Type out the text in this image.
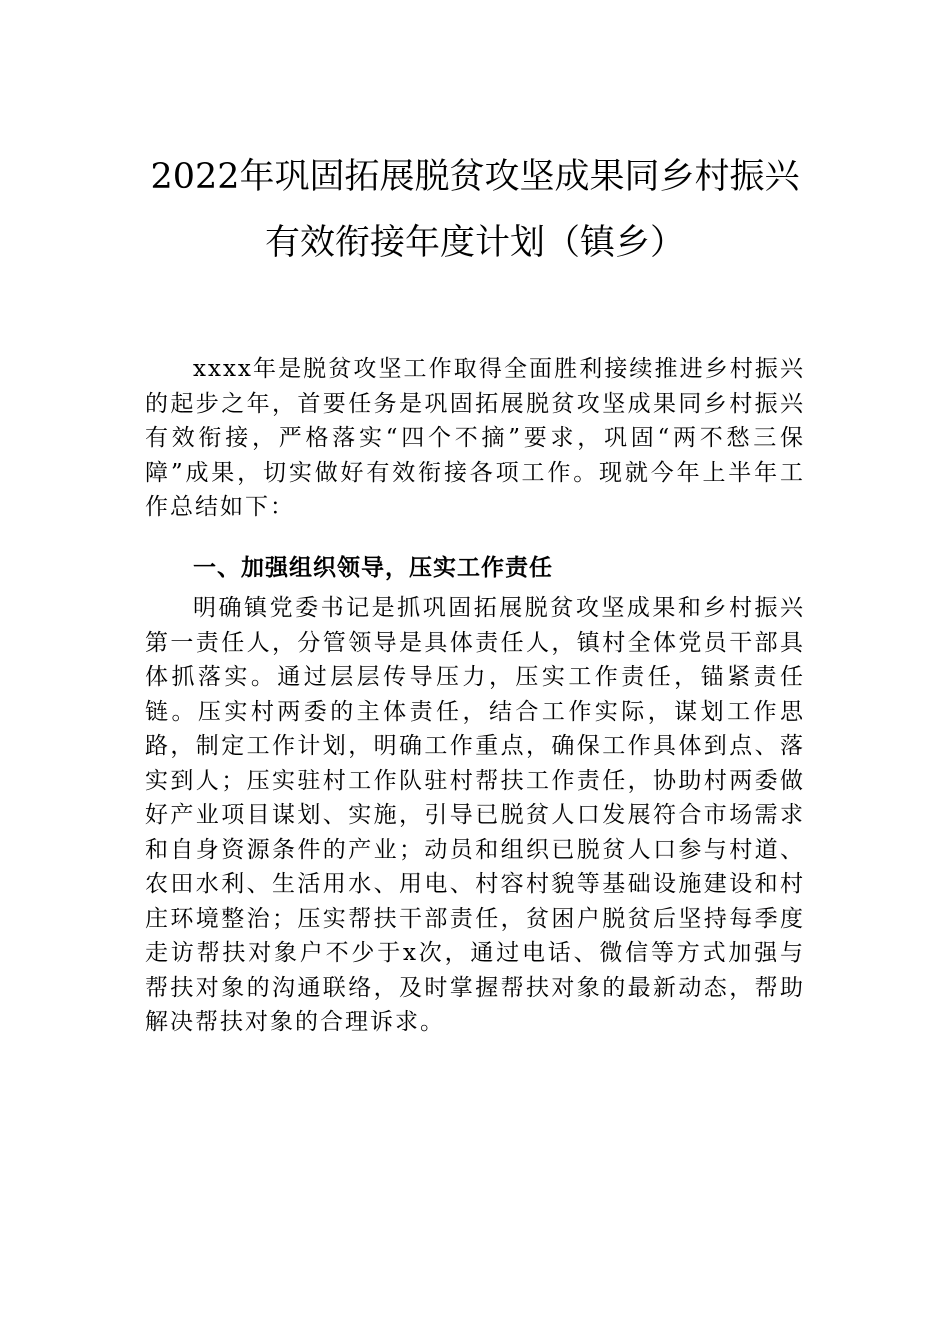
2022年巩固拓展脱贫攻坚成果同乡村振兴
有效衔接年度计划（镇乡）

xxxx年是脱贫攻坚工作取得全面胜利接续推进乡村振兴的起步之年，首要任务是巩固拓展脱贫攻坚成果同乡村振兴有效衔接，严格落实“四个不摘”要求，巩固“两不愁三保障”成果，切实做好有效衔接各项工作。现就今年上半年工作总结如下：

一、加强组织领导，压实工作责任

明确镇党委书记是抓巩固拓展脱贫攻坚成果和乡村振兴第一责任人，分管领导是具体责任人，镇村全体党员干部具体抓落实。通过层层传导压力，压实工作责任，锚紧责任链。压实村两委的主体责任，结合工作实际，谋划工作思路，制定工作计划，明确工作重点，确保工作具体到点、落实到人；压实驻村工作队驻村帮扶工作责任，协助村两委做好产业项目谋划、实施，引导已脱贫人口发展符合市场需求和自身资源条件的产业；动员和组织已脱贫人口参与村道、农田水利、生活用水、用电、村容村貌等基础设施建设和村庄环境整治；压实帮扶干部责任，贫困户脱贫后坚持每季度走访帮扶对象户不少于x次，通过电话、微信等方式加强与帮扶对象的沟通联络，及时掌握帮扶对象的最新动态，帮助解决帮扶对象的合理诉求。
